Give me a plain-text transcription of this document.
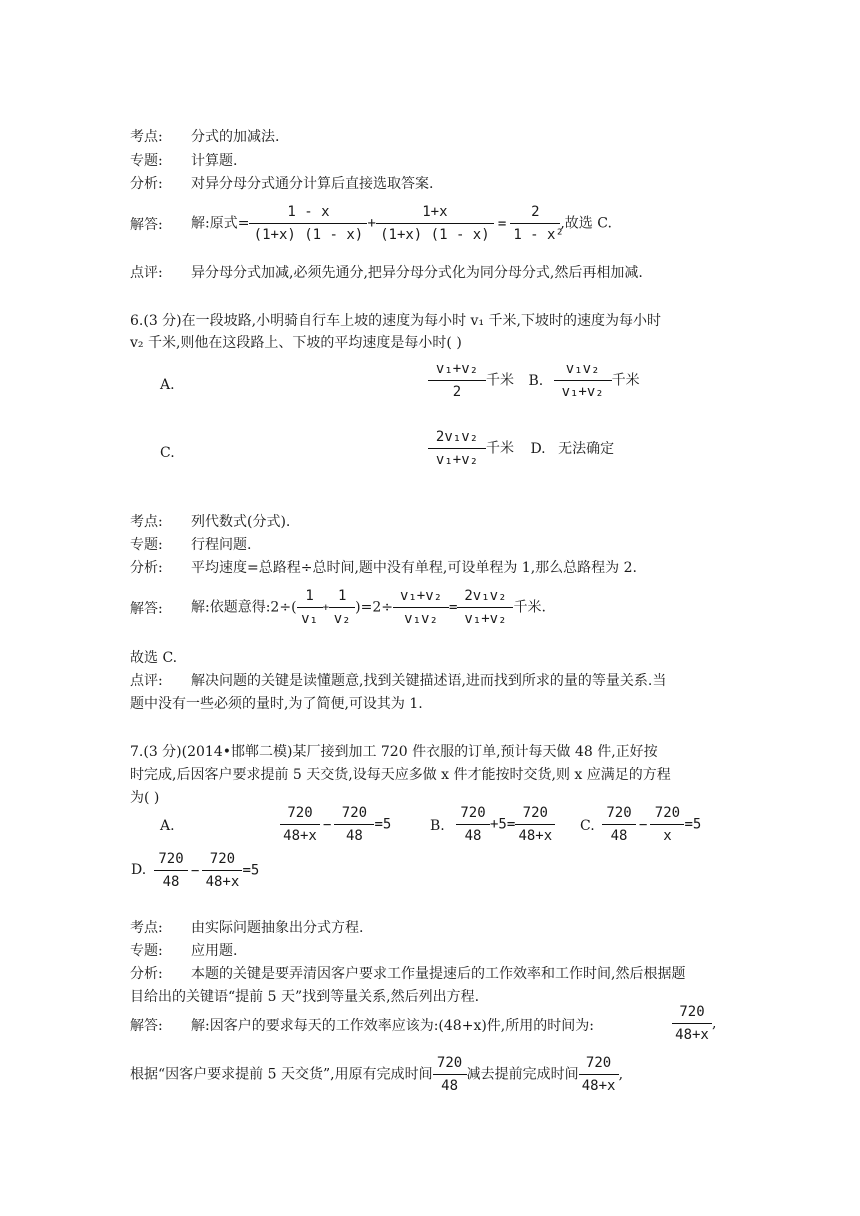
考点:	分式的加减法.
专题:	计算题.
分析:	对异分母分式通分计算后直接选取答案.
解答:	解:原式= $\frac{1 - x}{(1+x) (1 - x)} + \frac{1+x}{(1+x) (1 - x)} = \frac{2}{\text{1 - x²}}$ ,故选 C.
点评:	异分母分式加减,必须先通分,把异分母分式化为同分母分式,然后再相加减.
6.(3 分)在一段坡路,小明骑自行车上坡的速度为每小时 v₁ 千米,下坡时的速度为每小时
v₂ 千米,则他在这段路上、下坡的平均速度是每小时( )
A.	$\frac{\text{v₁+v₂}}{2}$ 千米 B. $\frac{\text{v₁v₂}}{\text{v₁+v₂}}$ 千米
C.	$\frac{\text{2v₁v₂}}{\text{v₁+v₂}}$ 千米 D. 无法确定
考点:	列代数式(分式).
专题:	行程问题.
分析:	平均速度=总路程÷总时间,题中没有单程,可设单程为 1,那么总路程为 2.
解答:	解:依题意得:2÷( $\frac{1}{\text{v₁}} + \frac{1}{\text{v₂}} )=2\div \frac{\text{v₁+v₂}}{\text{v₁v₂}} = \frac{\text{2v₁v₂}}{\text{v₁+v₂}}$ 千米.
故选 C.
点评:	解决问题的关键是读懂题意,找到关键描述语,进而找到所求的量的等量关系.当
题中没有一些必须的量时,为了简便,可设其为 1.
7.(3 分)(2014•邯郸二模)某厂接到加工 720 件衣服的订单,预计每天做 48 件,正好按
时完成,后因客户要求提前 5 天交货,设每天应多做 x 件才能按时交货,则 x 应满足的方程
为( )
A.	$\frac{720}{48+x} - \frac{720}{48} =5$	B. $\frac{720}{48} +5= \frac{720}{48+x} C$. $\frac{720}{48} - \frac{720}{x} =5$
D. $\frac{720}{48} - \frac{720}{48+x} =5$
考点:	由实际问题抽象出分式方程.
专题:	应用题.
分析:	本题的关键是要弄清因客户要求工作量提速后的工作效率和工作时间,然后根据题
目给出的关键语“提前 5 天”找到等量关系,然后列出方程.
解答:	解:因客户的要求每天的工作效率应该为:(48+x)件,所用的时间为:	$\frac{720}{48+x}$ ,
根据“因客户要求提前 5 天交货”,用原有完成时间 $\frac{720}{48}$ 减去提前完成时间 $\frac{720}{48+x}$ ,
